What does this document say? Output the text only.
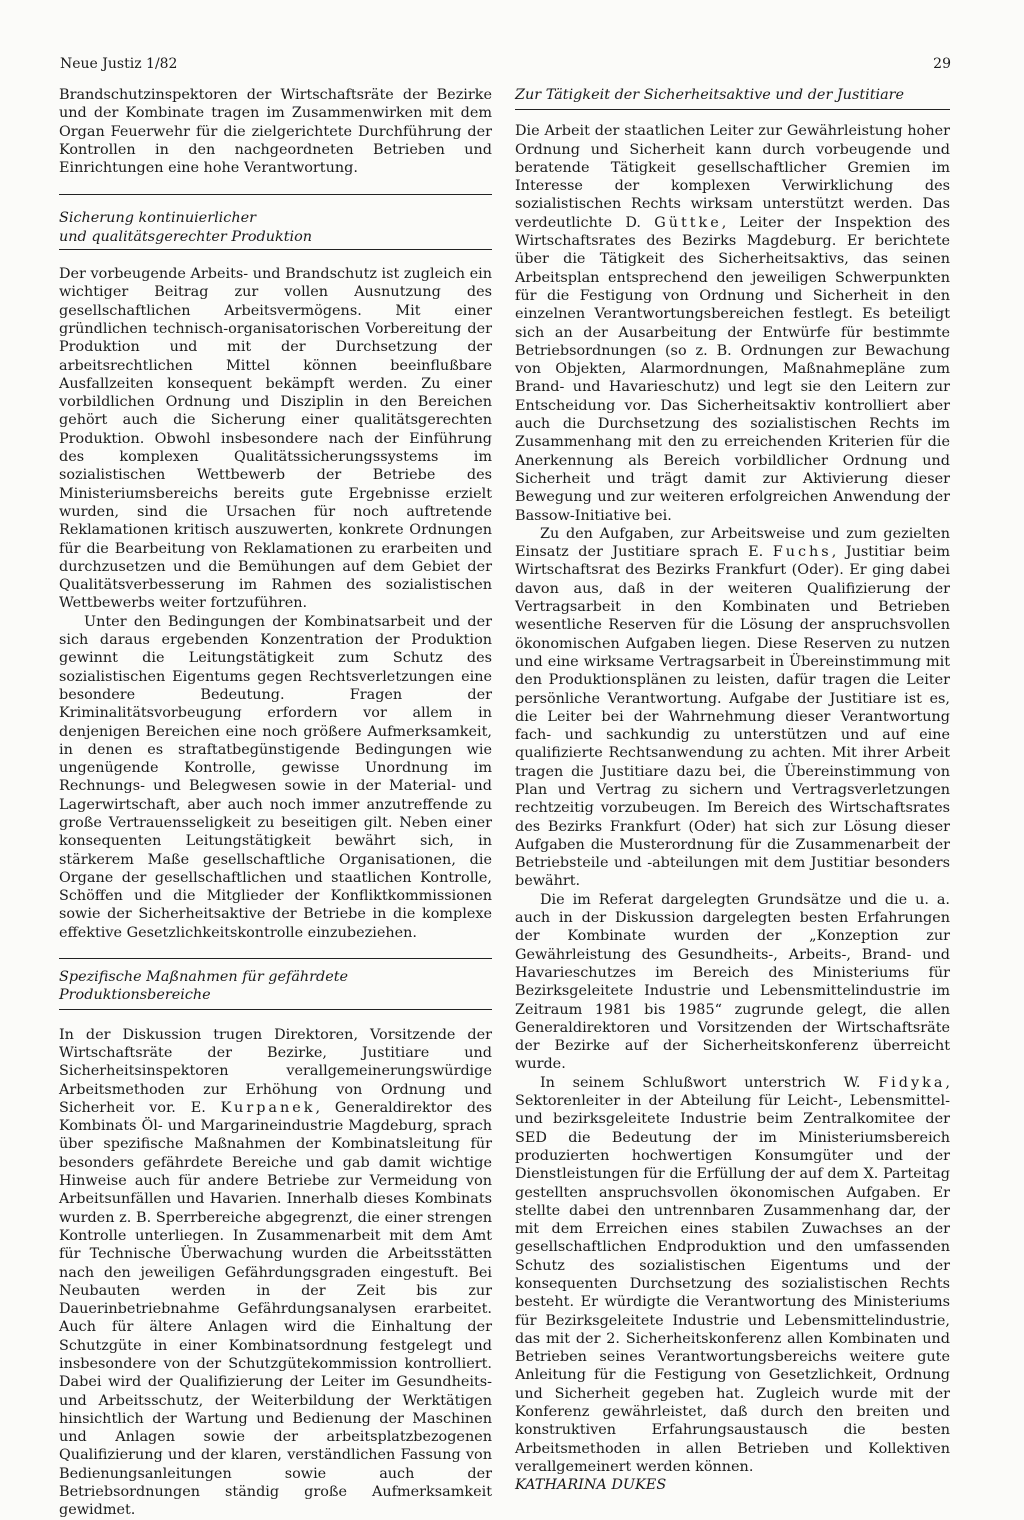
Neue Justiz 1/82	29

Brandschutzinspektoren der Wirtschaftsräte der Bezirke und der Kombinate tragen im Zusammenwirken mit dem Organ Feuerwehr für die zielgerichtete Durchführung der Kontrollen in den nachgeordneten Betrieben und Einrichtungen eine hohe Verantwortung.

Sicherung kontinuierlicher

und qualitätsgerechter Produktion

Der vorbeugende Arbeits- und Brandschutz ist zugleich ein wichtiger Beitrag zur vollen Ausnutzung des gesellschaftlichen Arbeitsvermögens. Mit einer gründlichen technisch-organisatorischen Vorbereitung der Produktion und mit der Durchsetzung der arbeitsrechtlichen Mittel können beeinflußbare Ausfallzeiten konsequent bekämpft werden. Zu einer vorbildlichen Ordnung und Disziplin in den Bereichen gehört auch die Sicherung einer qualitätsgerechten Produktion. Obwohl insbesondere nach der Einführung des komplexen Qualitätssicherungssystems im sozialistischen Wettbewerb der Betriebe des Ministeriumsbereichs bereits gute Ergebnisse erzielt wurden, sind die Ursachen für noch auftretende Reklamationen kritisch auszuwerten, konkrete Ordnungen für die Bearbeitung von Reklamationen zu erarbeiten und durchzusetzen und die Bemühungen auf dem Gebiet der Qualitätsverbesserung im Rahmen des sozialistischen Wettbewerbs weiter fortzuführen.

Unter den Bedingungen der Kombinatsarbeit und der sich daraus ergebenden Konzentration der Produktion gewinnt die Leitungstätigkeit zum Schutz des sozialistischen Eigentums gegen Rechtsverletzungen eine besondere Bedeutung. Fragen der Kriminalitätsvorbeugung erfordern vor allem in denjenigen Bereichen eine noch größere Aufmerksamkeit, in denen es straftatbegünstigende Bedingungen wie ungenügende Kontrolle, gewisse Unordnung im Rechnungs- und Belegwesen sowie in der Material- und Lagerwirtschaft, aber auch noch immer anzutreffende zu große Vertrauensseligkeit zu beseitigen gilt. Neben einer konsequenten Leitungstätigkeit bewährt sich, in stärkerem Maße gesellschaftliche Organisationen, die Organe der gesellschaftlichen und staatlichen Kontrolle, Schöffen und die Mitglieder der Konfliktkommissionen sowie der Sicherheitsaktive der Betriebe in die komplexe effektive Gesetzlichkeitskontrolle einzubeziehen.

Spezifische Maßnahmen für gefährdete Produktionsbereiche

In der Diskussion trugen Direktoren, Vorsitzende der Wirtschaftsräte der Bezirke, Justitiare und Sicherheitsinspektoren verallgemeinerungswürdige Arbeitsmethoden zur Erhöhung von Ordnung und Sicherheit vor. E. Kurpanek, Generaldirektor des Kombinats Öl- und Margarineindustrie Magdeburg, sprach über spezifische Maßnahmen der Kombinatsleitung für besonders gefährdete Bereiche und gab damit wichtige Hinweise auch für andere Betriebe zur Vermeidung von Arbeitsunfällen und Havarien. Innerhalb dieses Kombinats wurden z. B. Sperrbereiche abgegrenzt, die einer strengen Kontrolle unterliegen. In Zusammenarbeit mit dem Amt für Technische Überwachung wurden die Arbeitsstätten nach den jeweiligen Gefährdungsgraden eingestuft. Bei Neubauten werden in der Zeit bis zur Dauerinbetriebnahme Gefährdungsanalysen erarbeitet. Auch für ältere Anlagen wird die Einhaltung der Schutzgüte in einer Kombinatsordnung festgelegt und insbesondere von der Schutzgütekommission kontrolliert. Dabei wird der Qualifizierung der Leiter im Gesundheits- und Arbeitsschutz, der Weiterbildung der Werktätigen hinsichtlich der Wartung und Bedienung der Maschinen und Anlagen sowie der arbeitsplatzbezogenen Qualifizierung und der klaren, verständlichen Fassung von Bedienungsanleitungen sowie auch der Betriebsordnungen ständig große Aufmerksamkeit gewidmet.

Zur Tätigkeit der Sicherheitsaktive und der Justitiare

Die Arbeit der staatlichen Leiter zur Gewährleistung hoher Ordnung und Sicherheit kann durch vorbeugende und beratende Tätigkeit gesellschaftlicher Gremien im Interesse der komplexen Verwirklichung des sozialistischen Rechts wirksam unterstützt werden. Das verdeutlichte D. Güttke, Leiter der Inspektion des Wirtschaftsrates des Bezirks Magdeburg. Er berichtete über die Tätigkeit des Sicherheitsaktivs, das seinen Arbeitsplan entsprechend den jeweiligen Schwerpunkten für die Festigung von Ordnung und Sicherheit in den einzelnen Verantwortungsbereichen festlegt. Es beteiligt sich an der Ausarbeitung der Entwürfe für bestimmte Betriebsordnungen (so z. B. Ordnungen zur Bewachung von Objekten, Alarmordnungen, Maßnahmepläne zum Brand- und Havarieschutz) und legt sie den Leitern zur Entscheidung vor. Das Sicherheitsaktiv kontrolliert aber auch die Durchsetzung des sozialistischen Rechts im Zusammenhang mit den zu erreichenden Kriterien für die Anerkennung als Bereich vorbildlicher Ordnung und Sicherheit und trägt damit zur Aktivierung dieser Bewegung und zur weiteren erfolgreichen Anwendung der Bassow-Initiative bei.

Zu den Aufgaben, zur Arbeitsweise und zum gezielten Einsatz der Justitiare sprach E. Fuchs, Justitiar beim Wirtschaftsrat des Bezirks Frankfurt (Oder). Er ging dabei davon aus, daß in der weiteren Qualifizierung der Vertragsarbeit in den Kombinaten und Betrieben wesentliche Reserven für die Lösung der anspruchsvollen ökonomischen Aufgaben liegen. Diese Reserven zu nutzen und eine wirksame Vertragsarbeit in Übereinstimmung mit den Produktionsplänen zu leisten, dafür tragen die Leiter persönliche Verantwortung. Aufgabe der Justitiare ist es, die Leiter bei der Wahrnehmung dieser Verantwortung fach- und sachkundig zu unterstützen und auf eine qualifizierte Rechtsanwendung zu achten. Mit ihrer Arbeit tragen die Justitiare dazu bei, die Übereinstimmung von Plan und Vertrag zu sichern und Vertragsverletzungen rechtzeitig vorzubeugen. Im Bereich des Wirtschaftsrates des Bezirks Frankfurt (Oder) hat sich zur Lösung dieser Aufgaben die Musterordnung für die Zusammenarbeit der Betriebsteile und -abteilungen mit dem Justitiar besonders bewährt.

Die im Referat dargelegten Grundsätze und die u. a. auch in der Diskussion dargelegten besten Erfahrungen der Kombinate wurden der „Konzeption zur Gewährleistung des Gesundheits-, Arbeits-, Brand- und Havarieschutzes im Bereich des Ministeriums für Bezirksgeleitete Industrie und Lebensmittelindustrie im Zeitraum 1981 bis 1985“ zugrunde gelegt, die allen Generaldirektoren und Vorsitzenden der Wirtschaftsräte der Bezirke auf der Sicherheitskonferenz überreicht wurde.

In seinem Schlußwort unterstrich W. Fidyka, Sektorenleiter in der Abteilung für Leicht-, Lebensmittel- und bezirksgeleitete Industrie beim Zentralkomitee der SED die Bedeutung der im Ministeriumsbereich produzierten hochwertigen Konsumgüter und der Dienstleistungen für die Erfüllung der auf dem X. Parteitag gestellten anspruchsvollen ökonomischen Aufgaben. Er stellte dabei den untrennbaren Zusammenhang dar, der mit dem Erreichen eines stabilen Zuwachses an der gesellschaftlichen Endproduktion und den umfassenden Schutz des sozialistischen Eigentums und der konsequenten Durchsetzung des sozialistischen Rechts besteht. Er würdigte die Verantwortung des Ministeriums für Bezirksgeleitete Industrie und Lebensmittelindustrie, das mit der 2. Sicherheitskonferenz allen Kombinaten und Betrieben seines Verantwortungsbereichs weitere gute Anleitung für die Festigung von Gesetzlichkeit, Ordnung und Sicherheit gegeben hat. Zugleich wurde mit der Konferenz gewährleistet, daß durch den breiten und konstruktiven Erfahrungsaustausch die besten Arbeitsmethoden in allen Betrieben und Kollektiven verallgemeinert werden können.

KATHARINA DUKES
